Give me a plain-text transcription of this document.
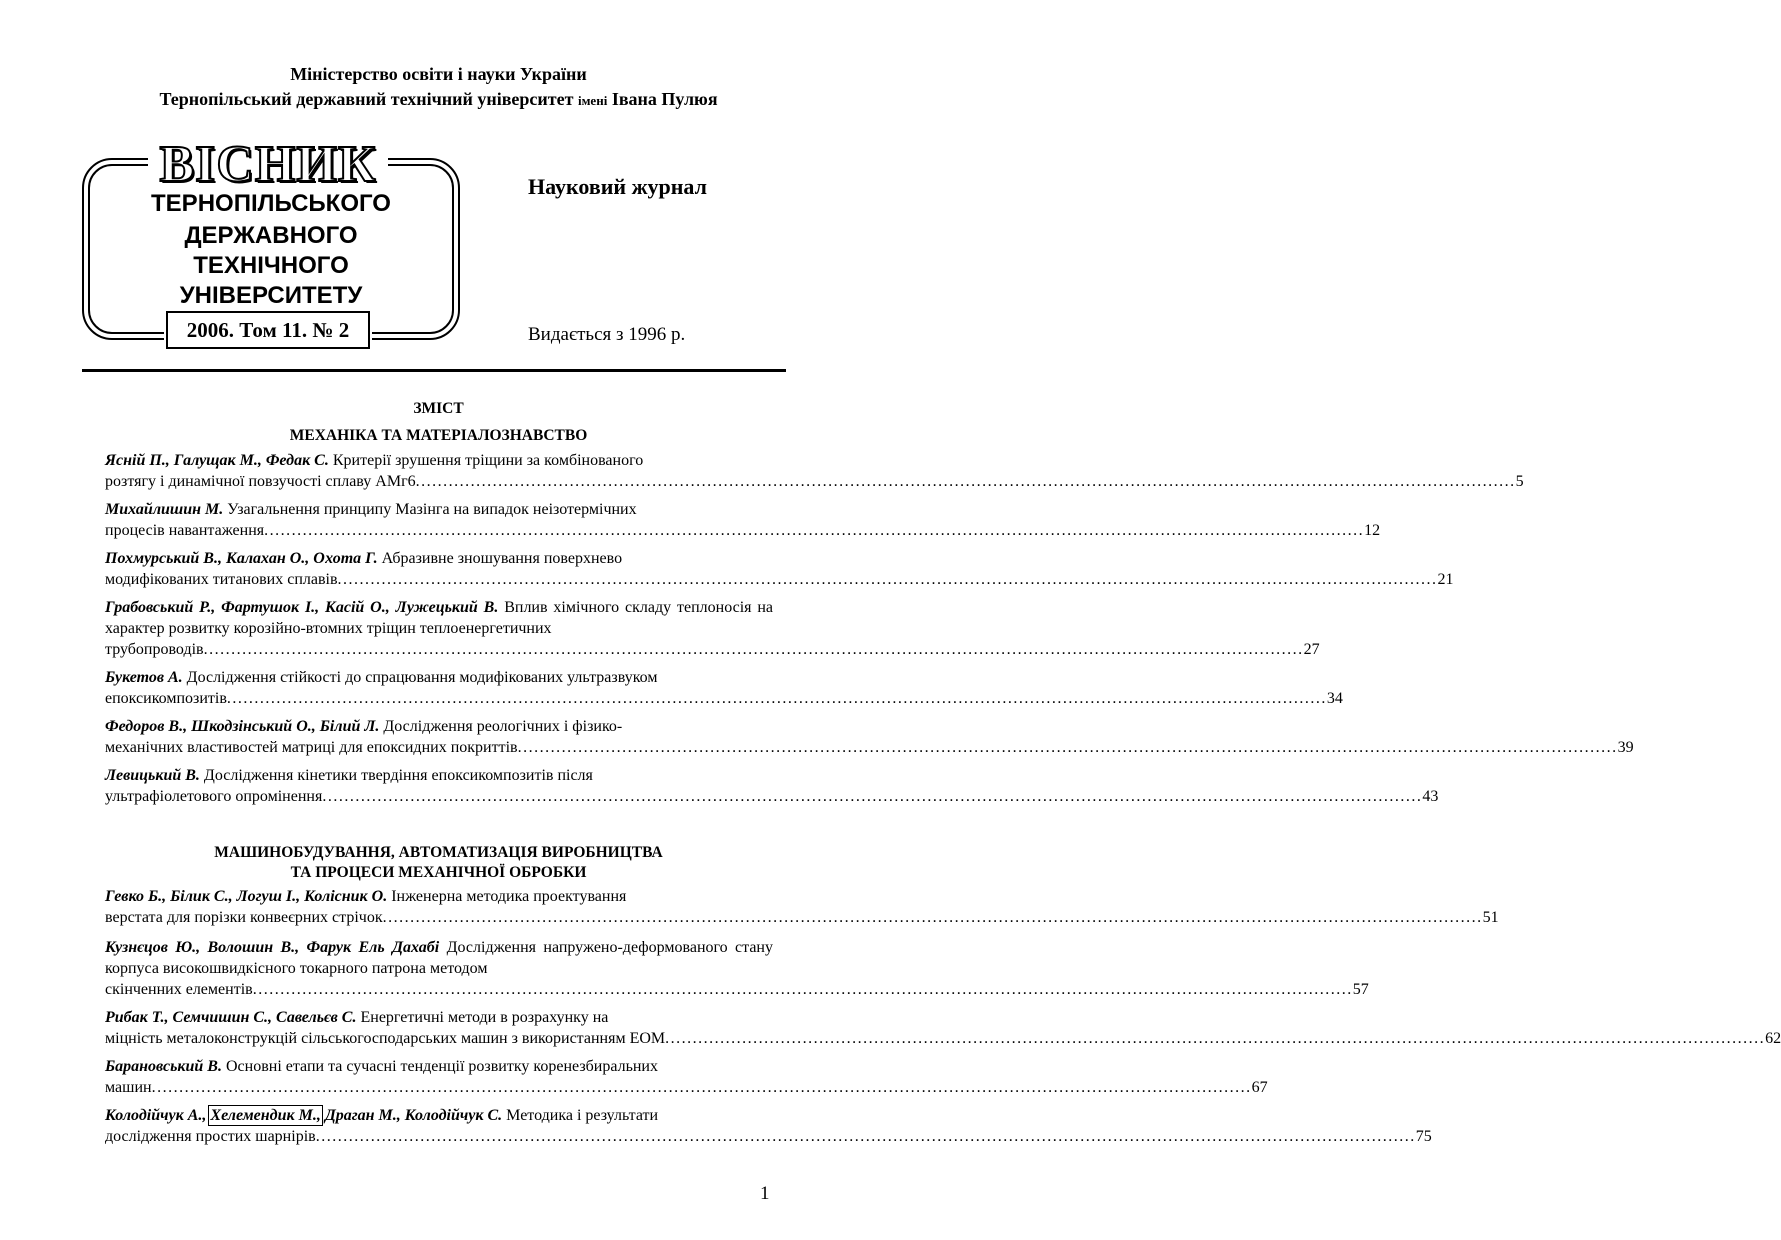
Міністерство освіти і науки України
Тернопільський державний технічний університет імені Івана Пулюя
ВІСНИК
ТЕРНОПІЛЬСЬКОГО
ДЕРЖАВНОГО
ТЕХНІЧНОГО
УНІВЕРСИТЕТУ
2006. Том 11. № 2
Науковий журнал
Видається з 1996 р.
ЗМІСТ
МЕХАНІКА ТА МАТЕРІАЛОЗНАВСТВО
Ясній П., Галущак М., Федак С. Критерії зрушення тріщини за комбінованого
розтягу і динамічної повзучості сплаву АМг6 ........................................................................................................................................................................................................ 5
Михайлишин М. Узагальнення принципу Мазінга на випадок неізотермічних
процесів навантаження ........................................................................................................................................................................................................ 12
Похмурський В., Калахан О., Охота Г. Абразивне зношування поверхнево
модифікованих титанових сплавів ........................................................................................................................................................................................................ 21
Грабовський Р., Фартушок І., Касій О., Лужецький В. Вплив хімічного складу теплоносія на характер розвитку корозійно-втомних тріщин теплоенергетичних
трубопроводів ........................................................................................................................................................................................................ 27
Букетов А. Дослідження стійкості до спрацювання модифікованих ультразвуком
епоксикомпозитів ........................................................................................................................................................................................................ 34
Федоров В., Шкодзінський О., Білий Л. Дослідження реологічних і фізико-
механічних властивостей матриці для епоксидних покриттів ........................................................................................................................................................................................................ 39
Левицький В. Дослідження кінетики твердіння епоксикомпозитів після
ультрафіолетового опромінення ........................................................................................................................................................................................................ 43
МАШИНОБУДУВАННЯ, АВТОМАТИЗАЦІЯ ВИРОБНИЦТВА
ТА ПРОЦЕСИ МЕХАНІЧНОЇ ОБРОБКИ
Гевко Б., Білик С., Логуш І., Колісник О. Інженерна методика проектування
верстата для порізки конвеєрних стрічок ........................................................................................................................................................................................................ 51
Кузнєцов Ю., Волошин В., Фарук Ель Дахабі Дослідження напружено-деформованого стану корпуса високошвидкісного токарного патрона методом
скінченних елементів ........................................................................................................................................................................................................ 57
Рибак Т., Семчишин С., Савельєв С. Енергетичні методи в розрахунку на
міцність металоконструкцій сільськогосподарських машин з використанням ЕОМ ........................................................................................................................................................................................................ 62
Барановський В. Основні етапи та сучасні тенденції розвитку коренезбиральних
машин ........................................................................................................................................................................................................ 67
Колодійчук А., Хелемендик М., Драган М., Колодійчук С. Методика і результати
дослідження простих шарнірів ........................................................................................................................................................................................................ 75
1
